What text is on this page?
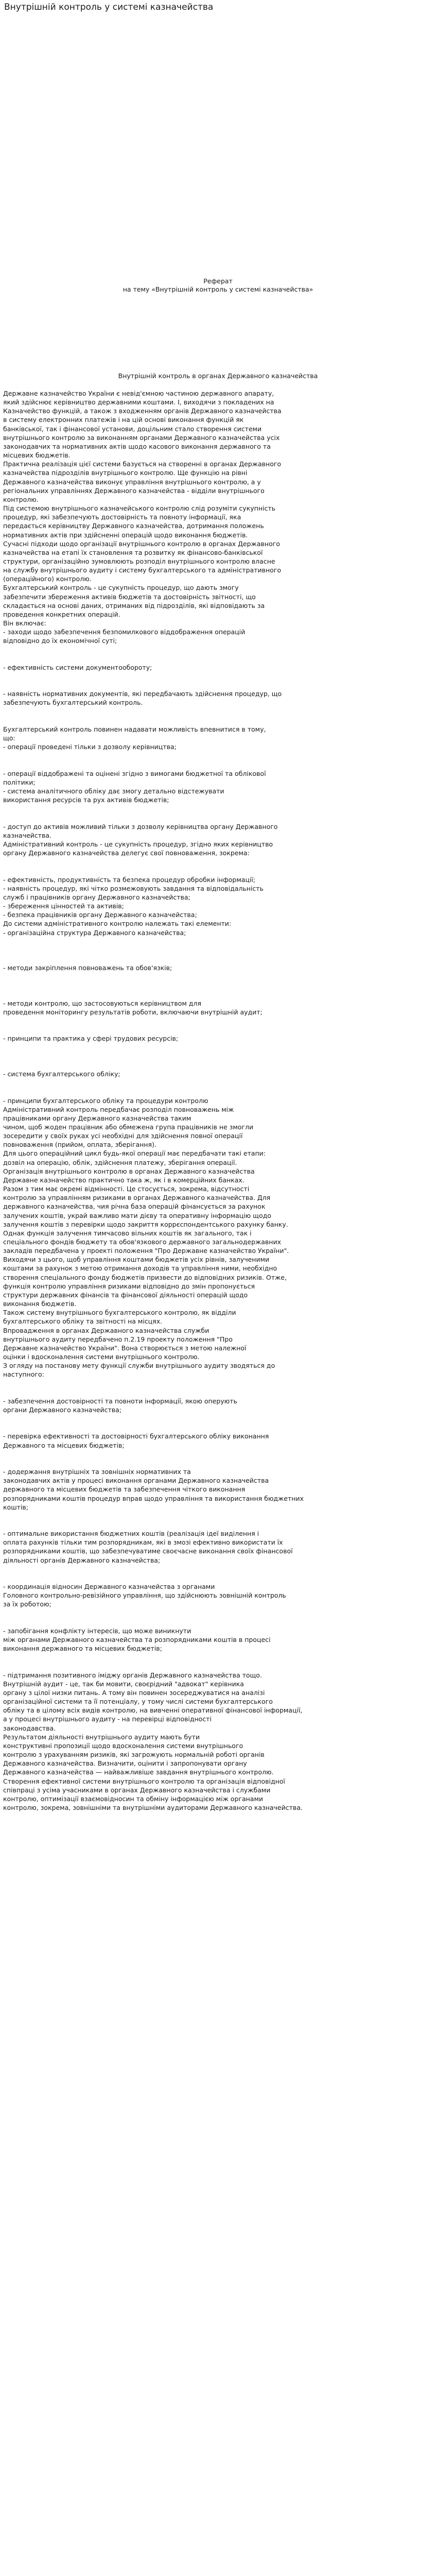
Внутрішній контроль у системі казначейства
Реферат
на тему «Внутрішній контроль у системі казначейства»
Внутрішній контроль в органах Державного казначейства

Державне казначейство України є невід'ємною частиною державного апарату,

який здійснює керівництво державними коштами. І, виходячи з покладених на

Казначейство функцій, а також з входженням органів Державного казначейства

в систему електронних платежів і на цій основі виконання функцій як

банківської, так і фінансової установи, доцільним стало створення системи

внутрішнього контролю за виконанням органами Державного казначейства усіх

законодавчих та нормативних актів щодо касового виконання державного та

місцевих бюджетів.

Практична реалізація цієї системи базується на створенні в органах Державного

казначейства підрозділів внутрішнього контролю. Ще функцію на рівні

Державного казначейства виконує управління внутрішнього контролю, а у

регіональних управліннях Державного казначейства - відділи внутрішнього

контролю.

Під системою внутрішнього казначейського контролю слід розуміти сукупність

процедур, які забезпечують достовірність та повноту інформації, яка

передається керівництву Державного казначейства, дотримання положень

нормативних актів при здійсненні операцій щодо виконання бюджетів.

Сучасні підходи щодо організації внутрішнього контролю в органах Державного

казначейства на етапі їх становлення та розвитку як фінансово-банківської

структури, організаційно зумовлюють розподіл внутрішнього контролю власне

на службу внутрішнього аудиту і систему бухгалтерського та адміністративного

(операційного) контролю.

Бухгалтерський контроль - це сукупність процедур, що дають змогу

забезпечити збереження активів бюджетів та достовірність звітності, що

складається на основі даних, отриманих від підрозділів, які відповідають за

проведення конкретних операцій.

Він включає:

- заходи щодо забезпечення безпомилкового віддображення операцій

відповідно до їх економічної суті;

- ефективність системи документообороту;

- наявність нормативних документів, які передбачають здійснення процедур, що

забезпечують бухгалтерський контроль.

Бухгалтерський контроль повинен надавати можливість впевнитися в тому,

що:

- операції проведені тільки з дозволу керівництва;

- операції віддображені та оцінені згідно з вимогами бюджетної та облікової

політики;

- система аналітичного обліку дає змогу детально відстежувати

використання ресурсів та рух активів бюджетів;

- доступ до активів можливий тільки з дозволу керівництва органу Державного

казначейства.

Адміністративний контроль - це сукупність процедур, згідно яких керівництво

органу Державного казначейства делегує свої повноваження, зокрема:

- ефективність, продуктивність та безпека процедур обробки інформації;

- наявність процедур, які чітко розмежовують завдання та відповідальність

служб і працівників органу Державного казначейства;

- збереження цінностей та активів;

- безпека працівників органу Державного казначейства;

До системи адміністративного контролю належать такі елементи:

- організаційна структура Державного казначейства;

- методи закріплення повноважень та обов'язків;

- методи контролю, що застосовуються керівництвом для

проведення моніторингу результатів роботи, включаючи внутрішній аудит;

- принципи та практика у сфері трудових ресурсів;

- система бухгалтерського обліку;

- принципи бухгалтерського обліку та процедури контролю

Адміністративний контроль передбачає розподіл повноважень між

працівниками органу Державного казначейства таким

чином, щоб жоден працівник або обмежена група працівників не змогли

зосередити у своїх руках усі необхідні для здійснення повної операції

повноваження (прийом, оплата, зберігання).

Для цього операційний цикл будь-якої операції має передбачати такі етапи:

дозвіл на операцію, облік, здійснення платежу, зберігання операції.

Організація внутрішнього контролю в органах Державного казначейства

Державне казначейство практично така ж, як і в комерційних банках.

Разом з тим має окремі відмінності. Це стосується, зокрема, відсутності

контролю за управлінням ризиками в органах Державного казначейства. Для

державного казначейства, чия річна база операцій фінансується за рахунок

залучених коштів, украй важливо мати дієву та оперативну інформацію щодо

залучення коштів з перевірки щодо закриття коррєспондентського рахунку банку.

Однак функція залучення тимчасово вільних коштів як загального, так і

спеціального фондів бюджету та обов'язкового державного загальнодержавних

закладів передбачена у проекті положення "Про Державне казначейство України".

Виходячи з цього, щоб управління коштами бюджетів усіх рівнів, залученими

коштами за рахунок з метою отримання доходів та управління ними, необхідно

створення спеціального фонду бюджетів призвести до відповідних ризиків. Отже,

функція контролю управління ризиками відповідно до змін пропонується

структури державних фінансів та фінансової діяльності операцій щодо

виконання бюджетів.

Також систему внутрішнього бухгалтерського контролю, як відділи

бухгалтерського обліку та звітності на місцях.

Впровадження в органах Державного казначейства служби

внутрішнього аудиту передбачено п.2.19 проекту положення "Про

Державне казначейство України". Вона створюється з метою належної

оцінки і вдосконалення системи внутрішнього контролю.

З огляду на постанову мету функції служби внутрішнього аудиту зводяться до

наступного:

- забезпечення достовірності та повноти інформації, якою оперують

органи Державного казначейства;

- перевірка ефективності та достовірності бухгалтерського обліку виконання

Державного та місцевих бюджетів;

- додержання внутрішніх та зовнішніх нормативних та

законодавчих актів у процесі виконання органами Державного казначейства

державного та місцевих бюджетів та забезпечення чіткого виконання

розпорядниками коштів процедур вправ щодо управління та використання бюджетних

коштів;

- оптимальне використання бюджетних коштів (реалізація ідеї виділення і

оплата рахунків тільки тим розпорядникам, які в змозі ефективно використати їх

розпорядниками коштів, що забезпечуватиме своєчасне виконання своїх фінансової

діяльності органів Державного казначейства;

- координація відносин Державного казначейства з органами

Головного контрольно-ревізійного управління, що здійснюють зовнішній контроль

за їх роботою;

- запобігання конфлікту інтересів, що може виникнути

між органами Державного казначейства та розпорядниками коштів в процесі

виконання державного та місцевих бюджетів;

- підтримання позитивного іміджу органів Державного казначейства тощо.

Внутрішній аудит - це, так би мовити, своєрідний "адвокат" керівника

органу з цілої низки питань. А тому він повинен зосереджуватися на аналізі

організаційної системи та її потенціалу, у тому числі системи бухгалтерського

обліку та в цілому всіх видів контролю, на вивченні оперативної фінансової інформації,

а у процесі внутрішнього аудиту - на перевірці відповідності

законодавства.

Результатом діяльності внутрішнього аудиту мають бути

конструктивні пропозиції щодо вдосконалення системи внутрішнього

контролю з урахуванням ризиків, які загрожують нормальній роботі органів

Державного казначейства. Визначити, оцінити і запропонувати органу

Державного казначейства — найважливіше завдання внутрішнього контролю.

Створення ефективної системи внутрішнього контролю та організація відповідної

співпраці з усіма учасниками в органах Державного казначейства і службами

контролю, оптимізації взаємовідносин та обміну інформацією між органами

контролю, зокрема, зовнішніми та внутрішніми аудиторами Державного казначейства.
